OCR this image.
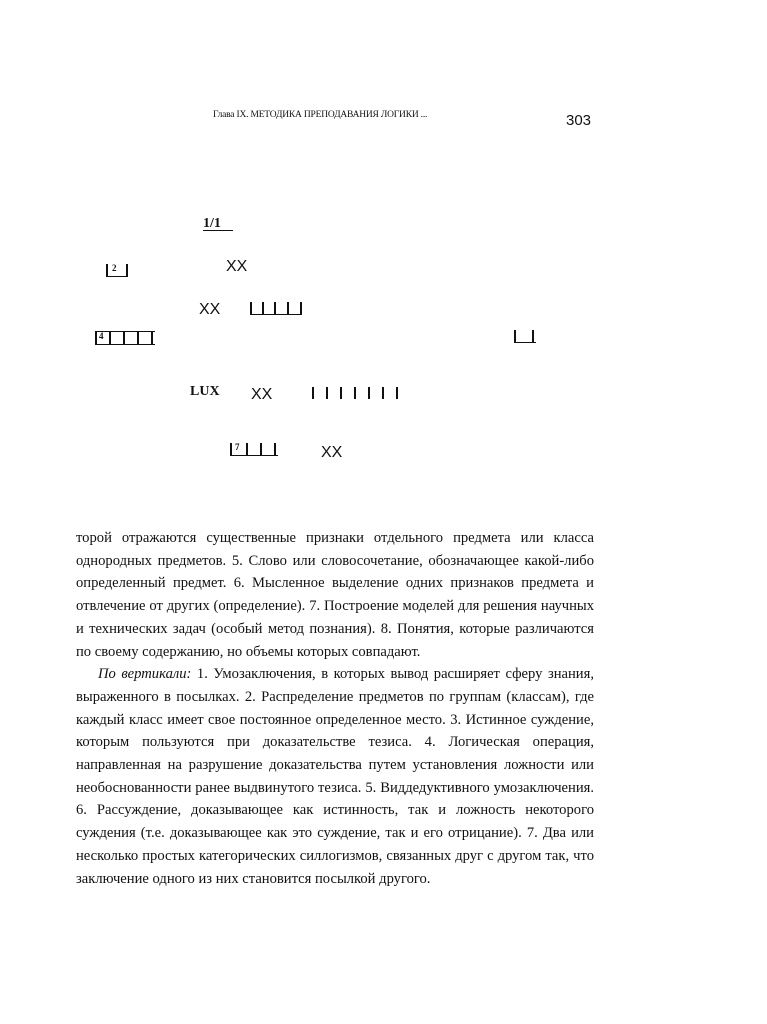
Глава IX. МЕТОДИКА ПРЕПОДАВАНИЯ ЛОГИКИ ...	303
1/1
2	XX
XX
4
LUX XX
7	XX

торой отражаются существенные признаки отдельного предмета или класса однородных предметов. 5. Слово или словосочетание, обозначающее какой-либо определенный предмет. 6. Мысленное выделение одних признаков предмета и отвлечение от других (определение). 7. Построение моделей для решения научных и технических задач (особый метод познания). 8. Понятия, которые различаются по своему содержанию, но объемы которых совпадают.

По вертикали: 1. Умозаключения, в которых вывод расширяет сферу знания, выраженного в посылках. 2. Распределение предметов по группам (классам), где каждый класс имеет свое постоянное определенное место. 3. Истинное суждение, которым пользуются при доказательстве тезиса. 4. Логическая операция, направленная на разрушение доказательства путем установления ложности или необоснованности ранее выдвинутого тезиса. 5. Виддедуктивного умозаключения. 6. Рассуждение, доказывающее как истинность, так и ложность некоторого суждения (т.е. доказывающее как это суждение, так и его отрицание). 7. Два или несколько простых категорических силлогизмов, связанных друг с другом так, что заключение одного из них становится посылкой другого.
